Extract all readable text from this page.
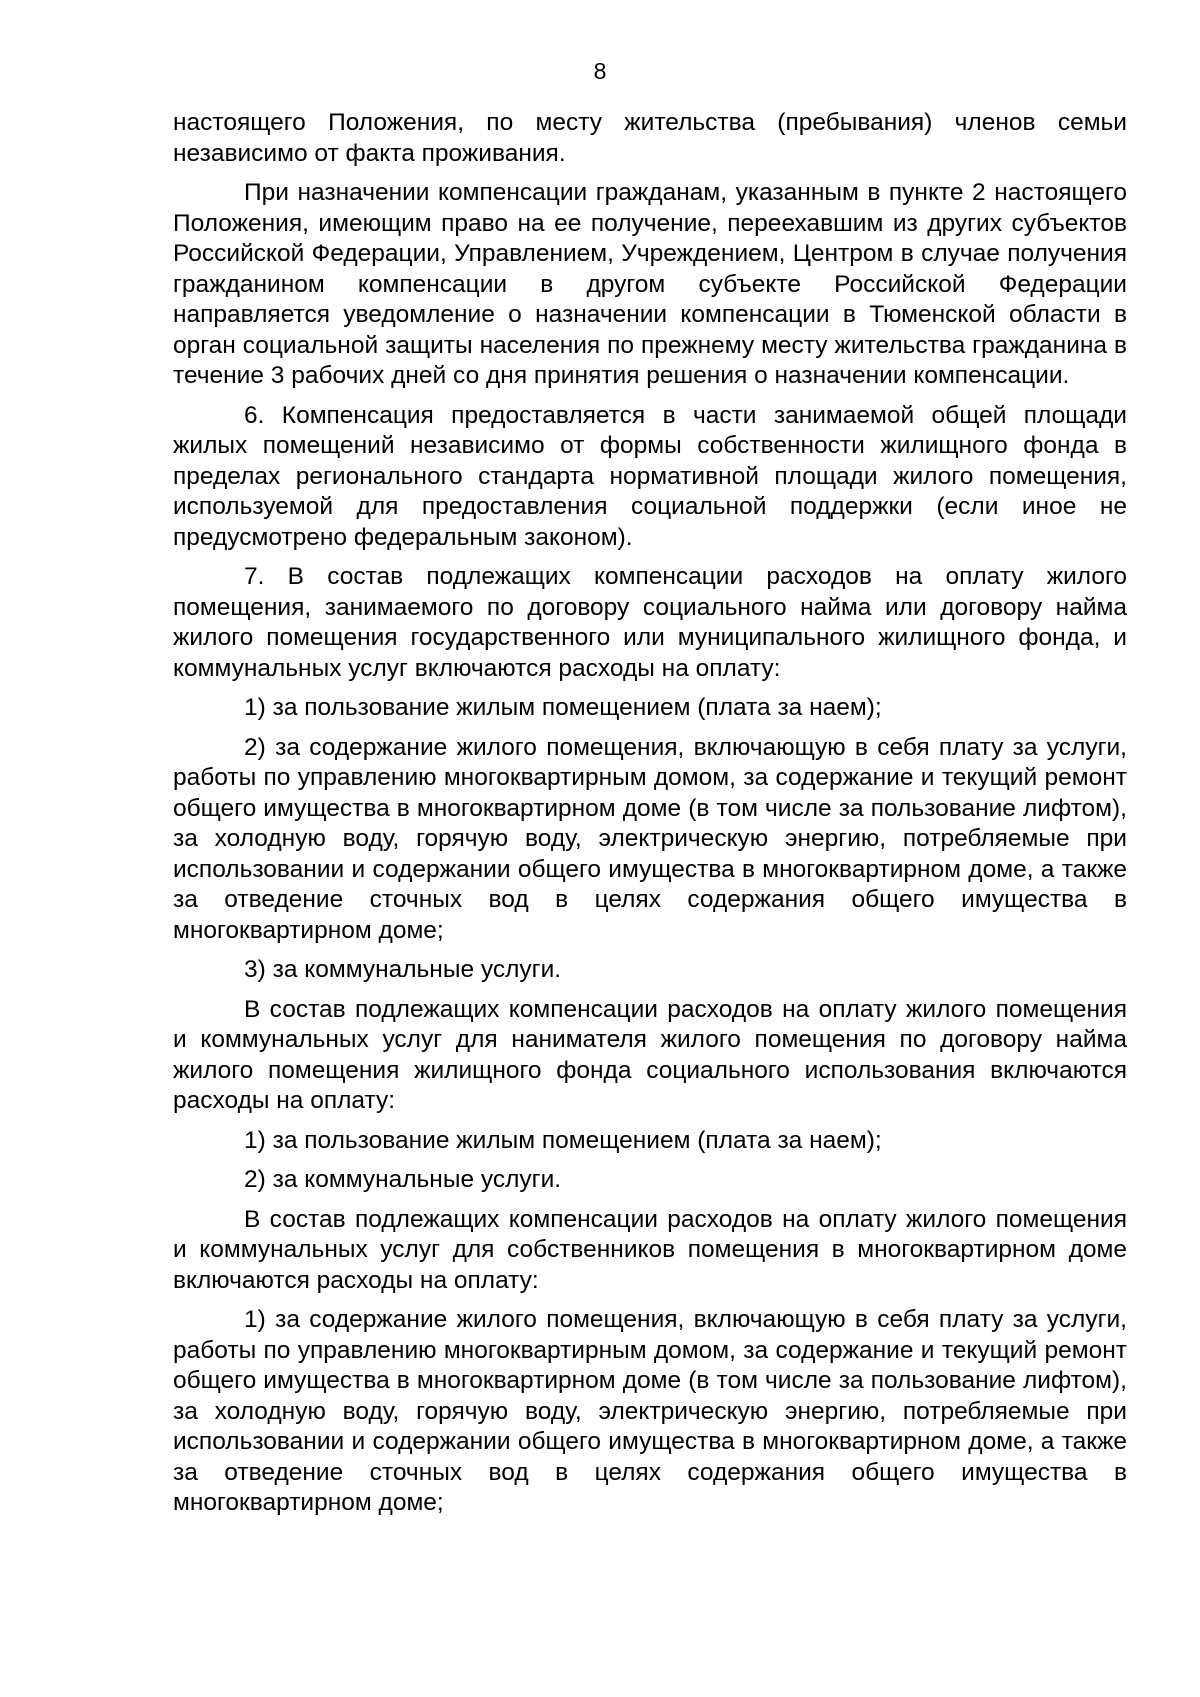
8

настоящего Положения, по месту жительства (пребывания) членов семьи независимо от факта проживания.

При назначении компенсации гражданам, указанным в пункте 2 настоящего Положения, имеющим право на ее получение, переехавшим из других субъектов Российской Федерации, Управлением, Учреждением, Центром в случае получения гражданином компенсации в другом субъекте Российской Федерации направляется уведомление о назначении компенсации в Тюменской области в орган социальной защиты населения по прежнему месту жительства гражданина в течение 3 рабочих дней со дня принятия решения о назначении компенсации.

6. Компенсация предоставляется в части занимаемой общей площади жилых помещений независимо от формы собственности жилищного фонда в пределах регионального стандарта нормативной площади жилого помещения, используемой для предоставления социальной поддержки (если иное не предусмотрено федеральным законом).

7. В состав подлежащих компенсации расходов на оплату жилого помещения, занимаемого по договору социального найма или договору найма жилого помещения государственного или муниципального жилищного фонда, и коммунальных услуг включаются расходы на оплату:

1) за пользование жилым помещением (плата за наем);

2) за содержание жилого помещения, включающую в себя плату за услуги, работы по управлению многоквартирным домом, за содержание и текущий ремонт общего имущества в многоквартирном доме (в том числе за пользование лифтом), за холодную воду, горячую воду, электрическую энергию, потребляемые при использовании и содержании общего имущества в многоквартирном доме, а также за отведение сточных вод в целях содержания общего имущества в многоквартирном доме;

3) за коммунальные услуги.

В состав подлежащих компенсации расходов на оплату жилого помещения и коммунальных услуг для нанимателя жилого помещения по договору найма жилого помещения жилищного фонда социального использования включаются расходы на оплату:

1) за пользование жилым помещением (плата за наем);

2) за коммунальные услуги.

В состав подлежащих компенсации расходов на оплату жилого помещения и коммунальных услуг для собственников помещения в многоквартирном доме включаются расходы на оплату:

1) за содержание жилого помещения, включающую в себя плату за услуги, работы по управлению многоквартирным домом, за содержание и текущий ремонт общего имущества в многоквартирном доме (в том числе за пользование лифтом), за холодную воду, горячую воду, электрическую энергию, потребляемые при использовании и содержании общего имущества в многоквартирном доме, а также за отведение сточных вод в целях содержания общего имущества в многоквартирном доме;
